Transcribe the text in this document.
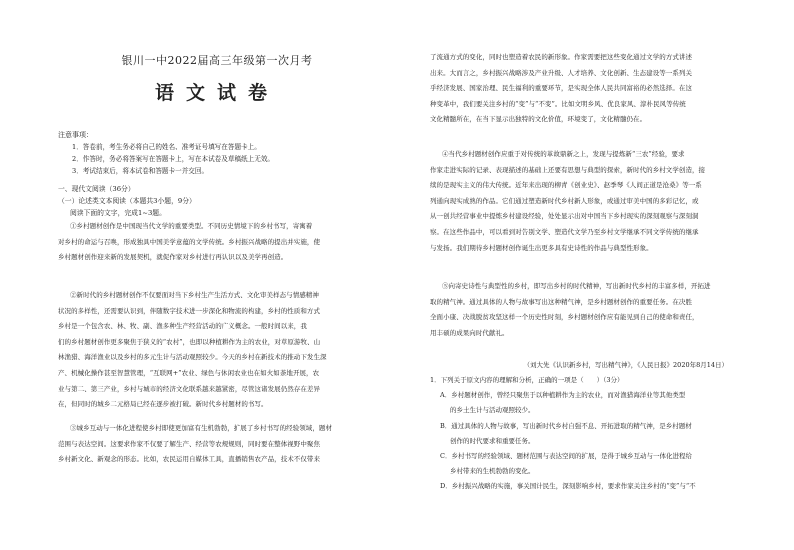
银川一中2022届高三年级第一次月考
语文试卷
注意事项：
1．答卷前，考生务必将自己的姓名、准考证号填写在答题卡上。
2．作答时，务必将答案写在答题卡上，写在本试卷及草稿纸上无效。
3．考试结束后，将本试卷和答题卡一并交回。
一、现代文阅读（36分）
（一）论述类文本阅读（本题共3小题，9分）
阅读下面的文字，完成1~3题。
①乡村题材创作是中国现当代文学的重要类型。不同历史情境下的乡村书写，寄寓着
对乡村的命运与召唤，形成独具中国美学意蕴的文学传统。乡村振兴战略的提出并实施，使
乡村题材创作迎来新的发展契机，就促作家对乡村进行再认识以及美学再创造。
②新时代的乡村题材创作不仅要面对当下乡村生产生活方式、文化审美样态与情感精神
状况的多样性，还需要认识到，伴随数字技术进一步深化和物流的构建，乡村的性质和方式
乡村是一个包含农、林、牧、副、渔多种生产经营活动的广义概念。一般时间以来，我
们的乡村题材创作更多聚焦于狭义的“农村”，也即以种植耕作为主的农业，对草原游牧、山
林渔猎、海洋渔业以及乡村的多元生计与活动观照较少。今天的乡村在新技术的推动下发生深
产、机械化操作甚至智慧管理，“互联网+”农业、绿色与休闲农业也在如火如荼地开展，农
业与第二、第三产业，乡村与城市的经济文化联系越来越紧密，尽管这诸发展仍然存在差异
在，但同时的城乡二元格局已经在逐步被打破。新时代乡村题材的书写。
③城乡互动与一体化进程使乡村即使更加富有生机勃勃，扩展了乡村书写的经验领域，题材
范围与表达空间。这要求作家不仅要了解生产、经营等农规规则，同时要在整体视野中聚焦
乡村新文化、新观念的形态。比如，农民运用自媒体工具，直播销售农产品，技术不仅带来
了流通方式的变化，同时也塑造着农民的新形象。作家需要把这些变化通过文学的方式讲述
出来。大而言之，乡村振兴战略涉及产业升级、人才培养、文化创新、生态建设等一系列关
乎经济发展、国家治理、民生福利的重要环节，是实现全体人民共同富裕的必然选择。在这
种变革中，我们要关注乡村的“变”与“不变”。比如文明乡风、优良家风、淳朴民风等传统
文化精髓所在，在当下显示出独特的文化价值，环境变了，文化精髓仍在。
④当代乡村题材创作应重于对传统的革故鼎新之上，发现与提炼新“三农”经验，要求
作家走进实际的记录、表现描述的基础上还要有思想与典型的探索，新时代的乡村文学创造，接
续的是现实主义的伟大传统。近年来出现的柳青《创业史》、赵季琴《人间正道是沧桑》等一系
列通向现实成熟的作品。它们通过塑造新时代乡村新人形象，或通过审美中国的多彩记忆，或
从一创共经营事业中提炼乡村建设经验，处处显示出对中国当下乡村现实的深刻观察与深刻洞
察。在这些作品中，可以看到对告别文学、塑造代文学乃至乡村文学继承不同文学传统的继承
与发扬。我们期待乡村题材创作诞生出更多具有史诗性的作品与典型性形象。
⑤向寄史诗性与典型性的乡村，即写出乡村的时代精神，写出新时代乡村的丰富多样，开拓进
取的精气神。通过具体的人物与故事写出这种精气神，是乡村题材创作的重要任务。在决胜
全面小康、决战脱贫攻坚这样一个历史性时刻，乡村题材创作应有能见到自己的使命和责任，
用丰硕的成果向时代献礼。
（刘大先《认识新乡村，写出精气神》，《人民日报》2020年8月14日）
1．下列关于原文内容的理解和分析，正确的一项是（　　）（3分）
A．乡村题材创作，曾经只聚焦于以种植耕作为主的农业，而对渔猎海洋业等其他类型
的乡土生计与活动观照较少。
B．通过具体的人物与故事，写出新时代乡村自强不息、开拓进取的精气神，是乡村题材
创作的时代要求和重要任务。
C．乡村书写的经验领域、题材范围与表达空间的扩展，是得于城乡互动与一体化进程给
乡村带来的生机勃勃的变化。
D．乡村振兴战略的实施，事关国计民生，深刻影响乡村，要求作家关注乡村的“变”与“不
